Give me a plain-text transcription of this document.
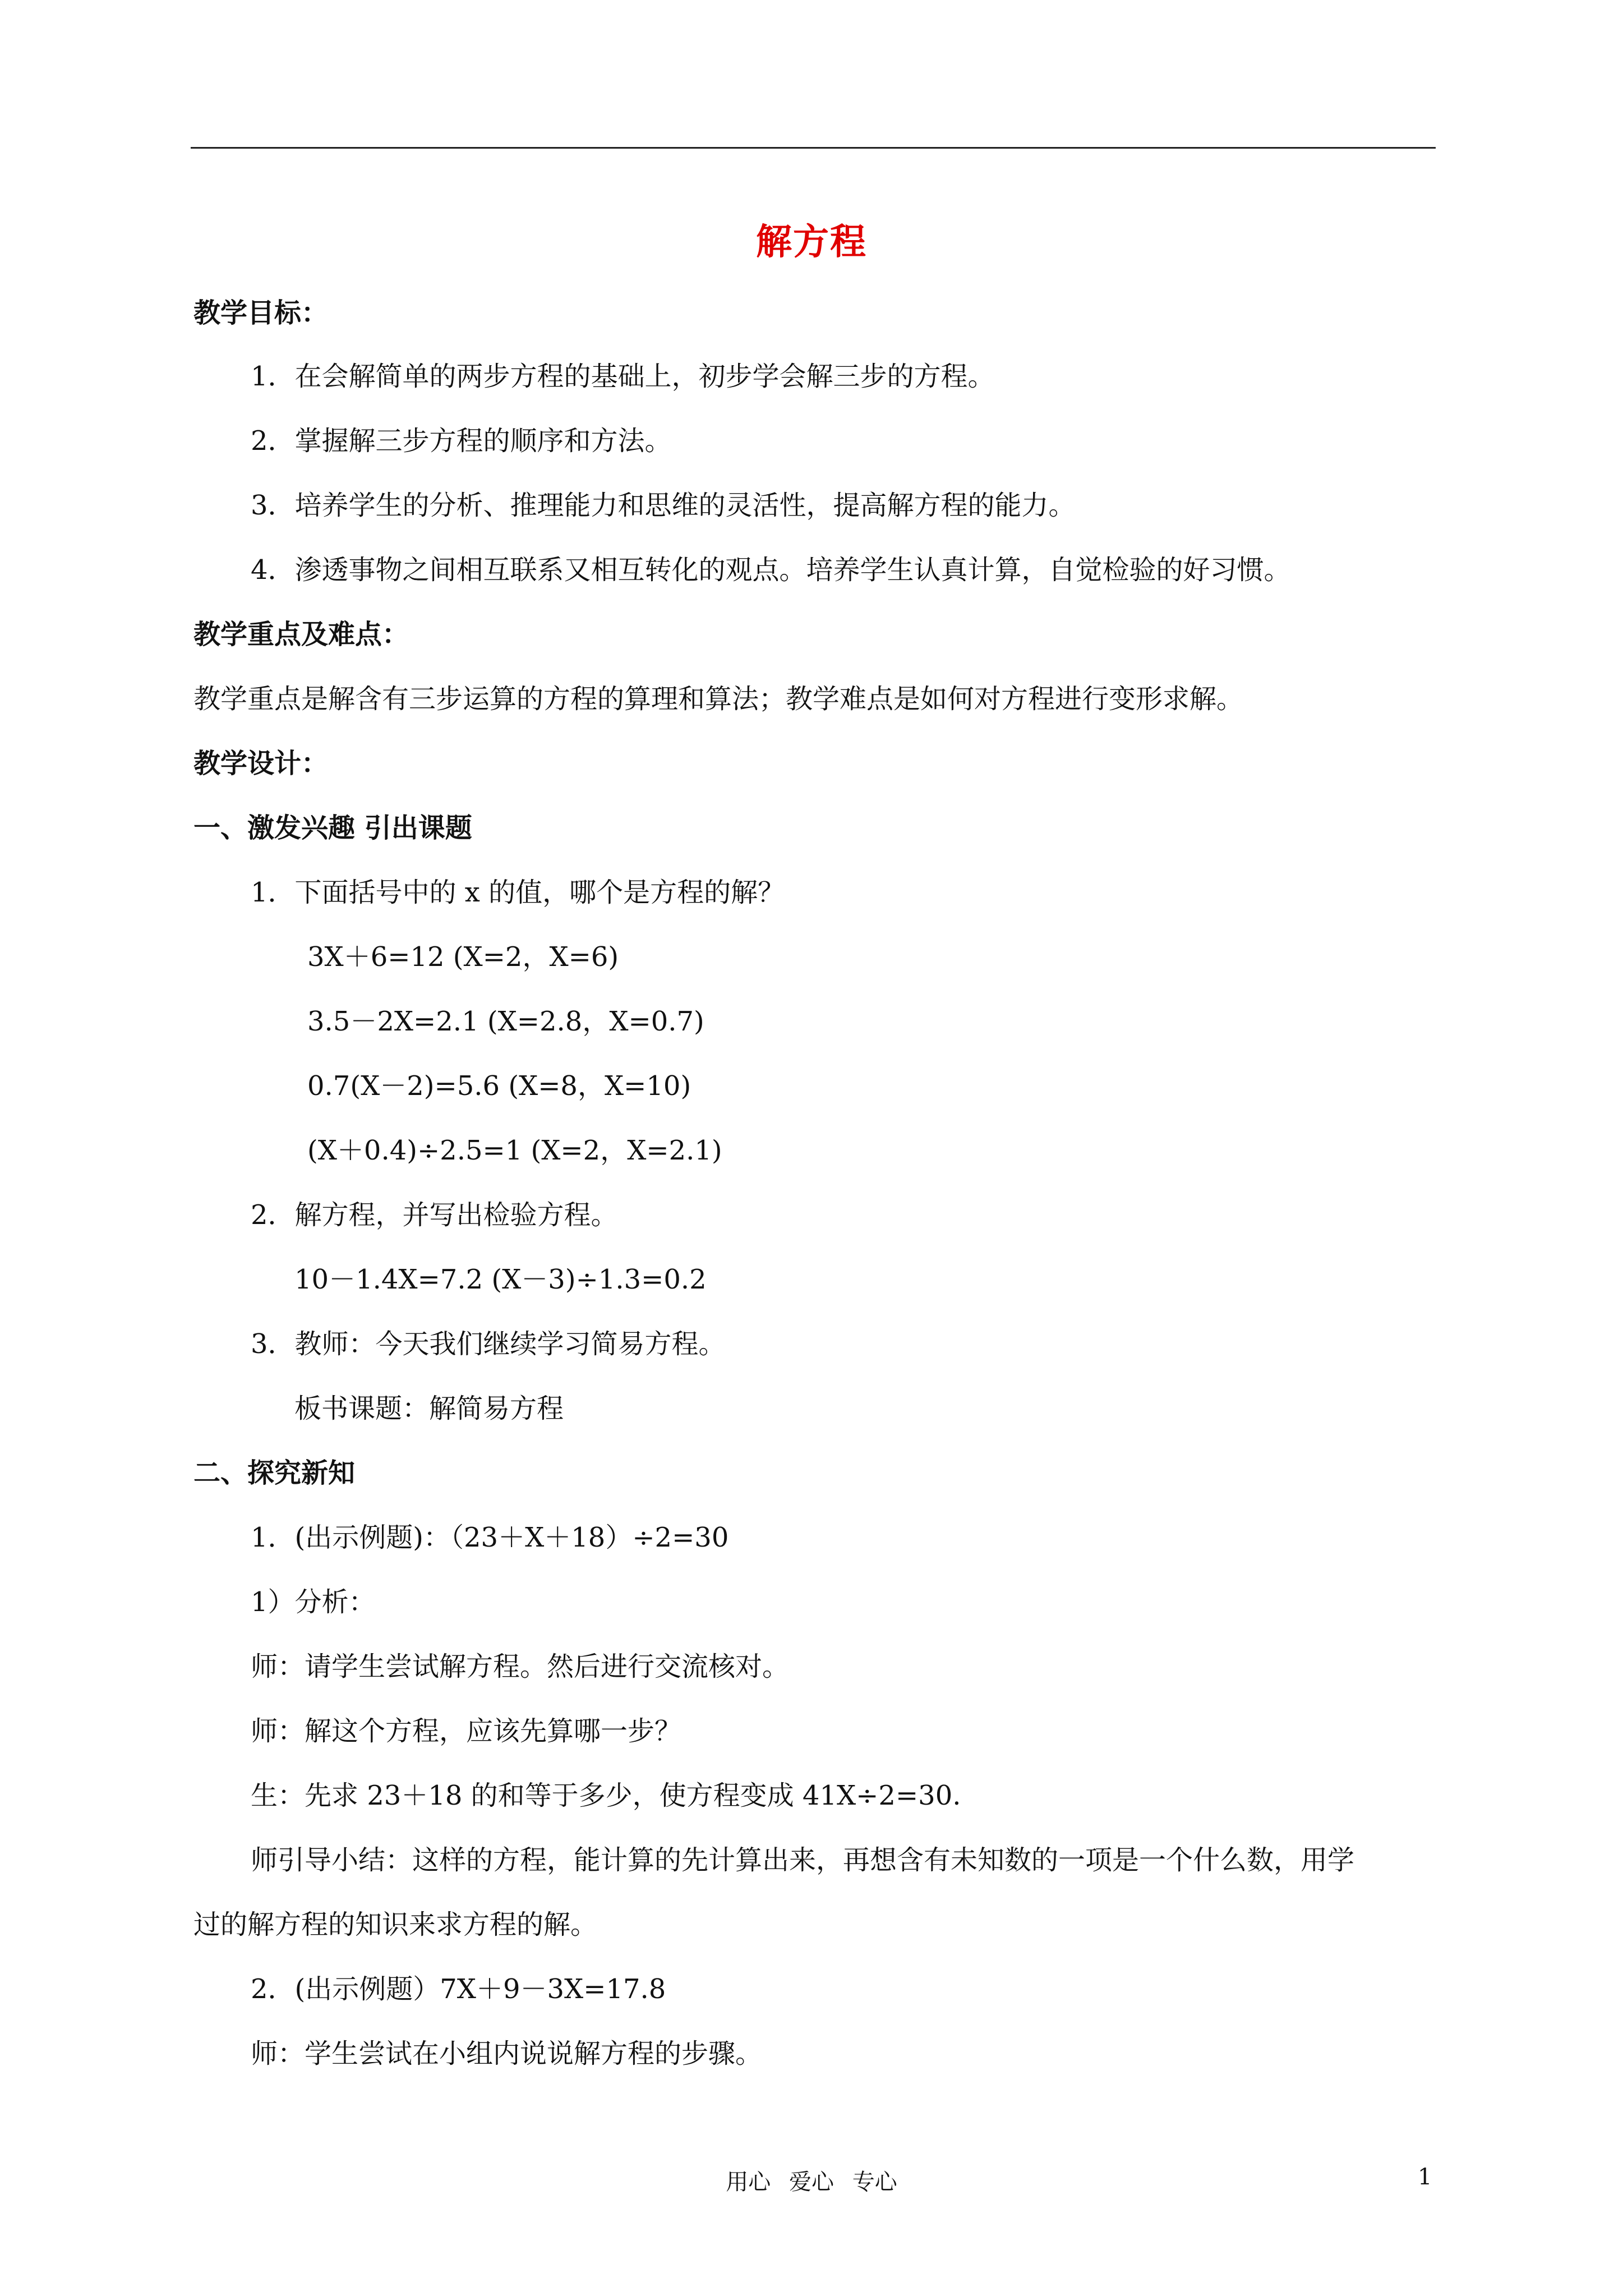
解方程
教学目标：
1．在会解简单的两步方程的基础上，初步学会解三步的方程。
2．掌握解三步方程的顺序和方法。
3．培养学生的分析、推理能力和思维的灵活性，提高解方程的能力。
4．渗透事物之间相互联系又相互转化的观点。培养学生认真计算，自觉检验的好习惯。
教学重点及难点：
教学重点是解含有三步运算的方程的算理和算法；教学难点是如何对方程进行变形求解。
教学设计：
一、激发兴趣 引出课题
1．下面括号中的 x 的值，哪个是方程的解？
3X＋6=12 (X=2，X=6)
3.5－2X=2.1 (X=2.8，X=0.7)
0.7(X－2)=5.6 (X=8，X=10)
(X＋0.4)÷2.5=1 (X=2，X=2.1)
2．解方程，并写出检验方程。
10－1.4X=7.2 (X－3)÷1.3=0.2
3．教师：今天我们继续学习简易方程。
板书课题：解简易方程
二、探究新知
1．(出示例题)：（23＋X＋18）÷2=30
1）分析：
师：请学生尝试解方程。然后进行交流核对。
师：解这个方程，应该先算哪一步？
生：先求 23＋18 的和等于多少，使方程变成 41X÷2=30.
师引导小结：这样的方程，能计算的先计算出来，再想含有未知数的一项是一个什么数，用学
过的解方程的知识来求方程的解。
2．(出示例题）7X＋9－3X=17.8
师：学生尝试在小组内说说解方程的步骤。
用心 爱心 专心	1
